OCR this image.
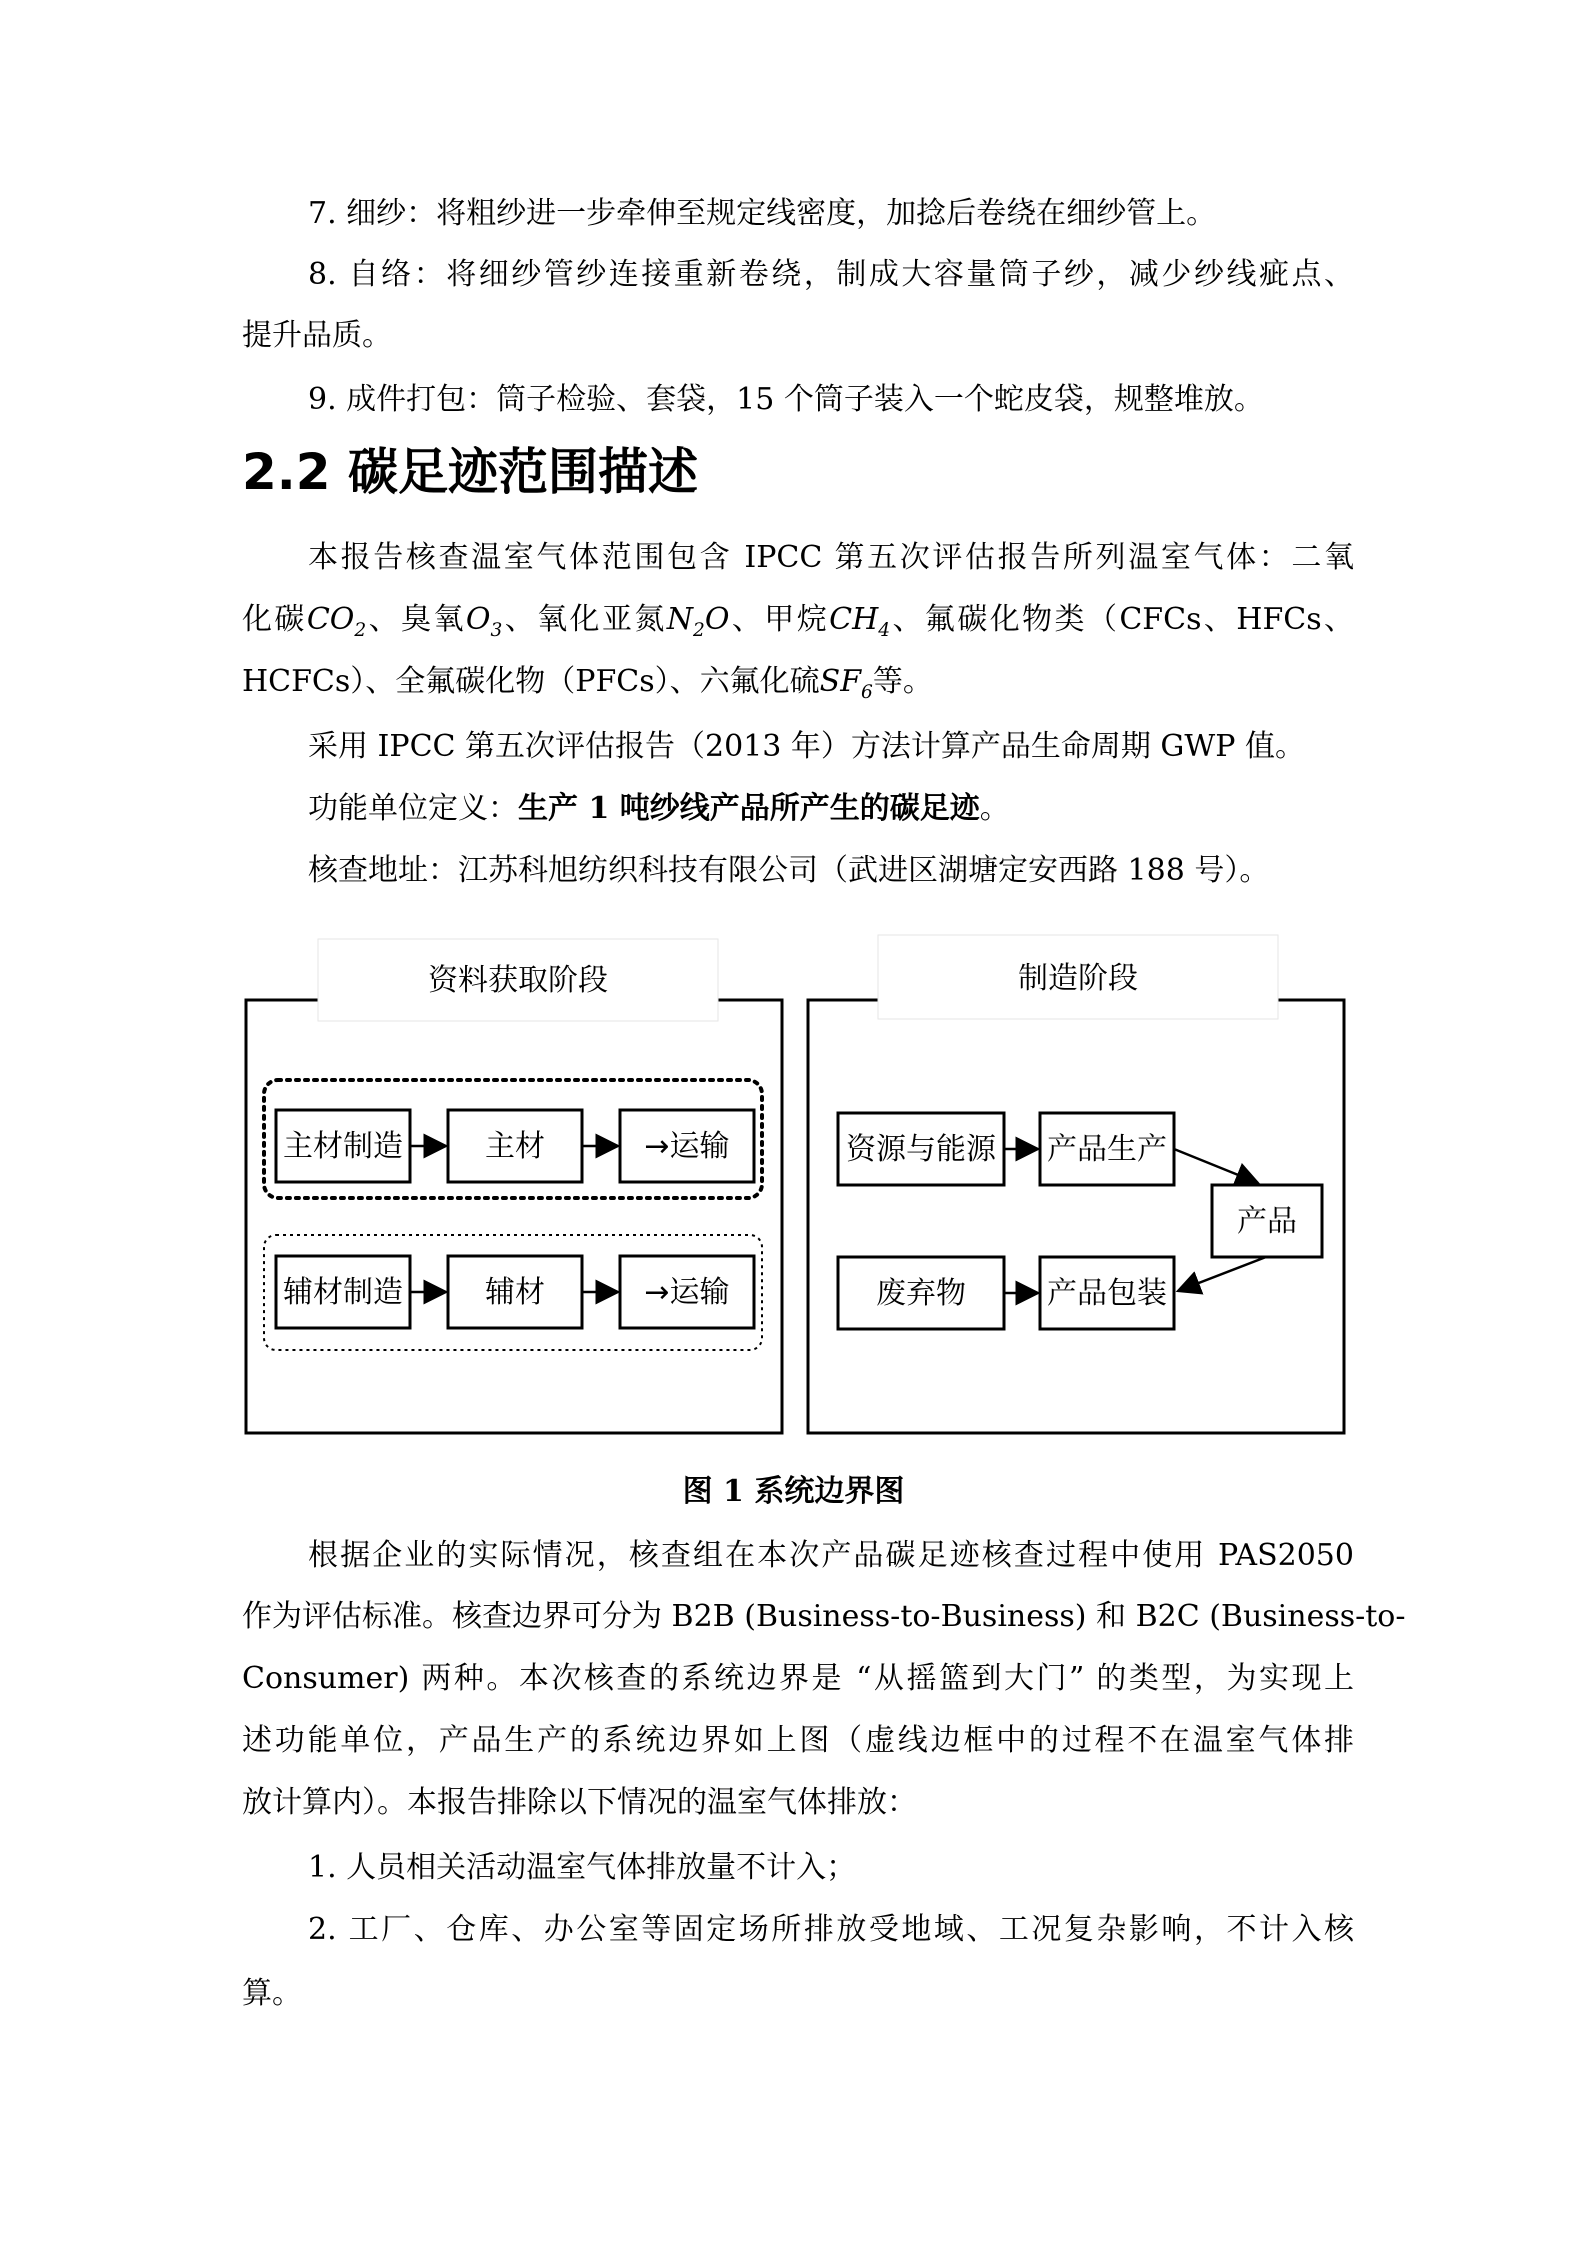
7. 细纱：将粗纱进一步牵伸至规定线密度，加捻后卷绕在细纱管上。
8. 自络：将细纱管纱连接重新卷绕，制成大容量筒子纱，减少纱线疵点、
提升品质。
9. 成件打包：筒子检验、套袋，15 个筒子装入一个蛇皮袋，规整堆放。
2.2 碳足迹范围描述
本报告核查温室气体范围包含 IPCC 第五次评估报告所列温室气体：二氧
化碳$CO_2$、臭氧$O_3$、氧化亚氮$N_2O$、甲烷$CH_4$、氟碳化物类（CFCs、HFCs、
HCFCs）、全氟碳化物（PFCs）、六氟化硫$SF_6$等。
采用 IPCC 第五次评估报告（2013 年）方法计算产品生命周期 GWP 值。
功能单位定义：生产 1 吨纱线产品所产生的碳足迹。
核查地址：江苏科旭纺织科技有限公司（武进区湖塘定安西路 188 号）。
资料获取阶段
主材制造	主材	→运输
辅材制造	辅材	→运输
制造阶段
资源与能源 产品生产
产品
废弃物	产品包装
图 1 系统边界图
根据企业的实际情况，核查组在本次产品碳足迹核查过程中使用 PAS2050
作为评估标准。核查边界可分为 B2B (Business-to-Business) 和 B2C (Business-to-
Consumer) 两种。本次核查的系统边界是 “从摇篮到大门” 的类型，为实现上
述功能单位，产品生产的系统边界如上图（虚线边框中的过程不在温室气体排
放计算内）。本报告排除以下情况的温室气体排放：
1. 人员相关活动温室气体排放量不计入；
2. 工厂、仓库、办公室等固定场所排放受地域、工况复杂影响，不计入核
算。
